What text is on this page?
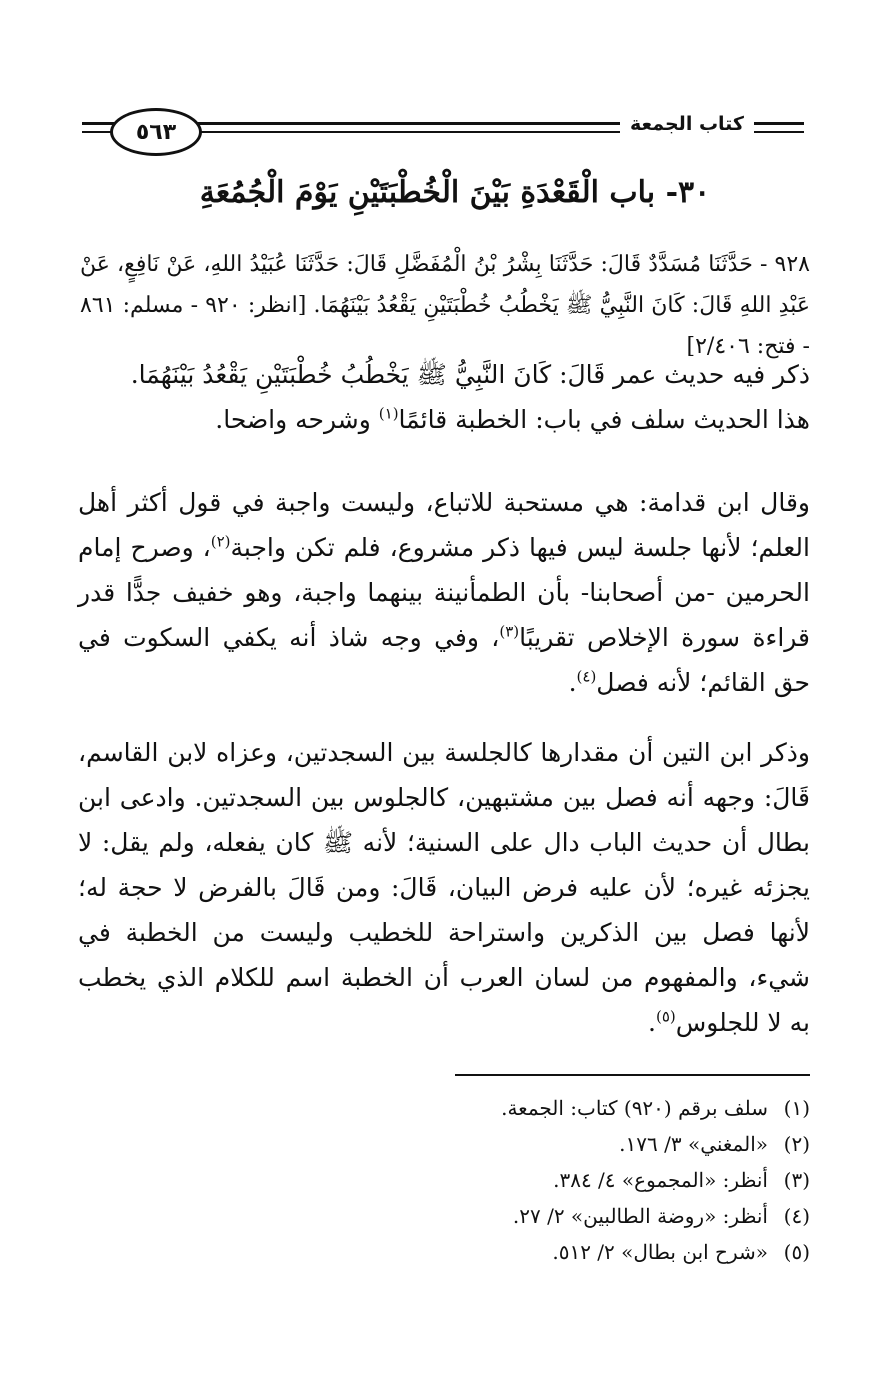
٥٦٣	كتاب الجمعة
٣٠- باب الْقَعْدَةِ بَيْنَ الْخُطْبَتَيْنِ يَوْمَ الْجُمُعَةِ
٩٢٨ - حَدَّثَنَا مُسَدَّدٌ قَالَ: حَدَّثَنَا بِشْرُ بْنُ الْمُفَضَّلِ قَالَ: حَدَّثَنَا عُبَيْدُ اللهِ، عَنْ نَافِعٍ، عَنْ عَبْدِ اللهِ قَالَ: كَانَ النَّبِيُّ ﷺ يَخْطُبُ خُطْبَتَيْنِ يَقْعُدُ بَيْنَهُمَا. [انظر: ٩٢٠ - مسلم: ٨٦١ - فتح: ٢/٤٠٦]
ذكر فيه حديث عمر قَالَ: كَانَ النَّبِيُّ ﷺ يَخْطُبُ خُطْبَتَيْنِ يَقْعُدُ بَيْنَهُمَا.
هذا الحديث سلف في باب: الخطبة قائمًا$^{(١)}$ وشرحه واضحا.
وقال ابن قدامة: هي مستحبة للاتباع، وليست واجبة في قول أكثر أهل العلم؛ لأنها جلسة ليس فيها ذكر مشروع، فلم تكن واجبة$^{(٢)}$، وصرح إمام الحرمين -من أصحابنا- بأن الطمأنينة بينهما واجبة، وهو خفيف جدًّا قدر قراءة سورة الإخلاص تقريبًا$^{(٣)}$، وفي وجه شاذ أنه يكفي السكوت في حق القائم؛ لأنه فصل$^{(٤)}$.
وذكر ابن التين أن مقدارها كالجلسة بين السجدتين، وعزاه لابن القاسم، قَالَ: وجهه أنه فصل بين مشتبهين، كالجلوس بين السجدتين. وادعى ابن بطال أن حديث الباب دال على السنية؛ لأنه ﷺ كان يفعله، ولم يقل: لا يجزئه غيره؛ لأن عليه فرض البيان، قَالَ: ومن قَالَ بالفرض لا حجة له؛ لأنها فصل بين الذكرين واستراحة للخطيب وليست من الخطبة في شيء، والمفهوم من لسان العرب أن الخطبة اسم للكلام الذي يخطب به لا للجلوس$^{(٥)}$.
(١)سلف برقم (٩٢٠) كتاب: الجمعة.
(٢)«المغني» ٣/ ١٧٦.
(٣)أنظر: «المجموع» ٤/ ٣٨٤.
(٤)أنظر: «روضة الطالبين» ٢/ ٢٧.
(٥)«شرح ابن بطال» ٢/ ٥١٢.
